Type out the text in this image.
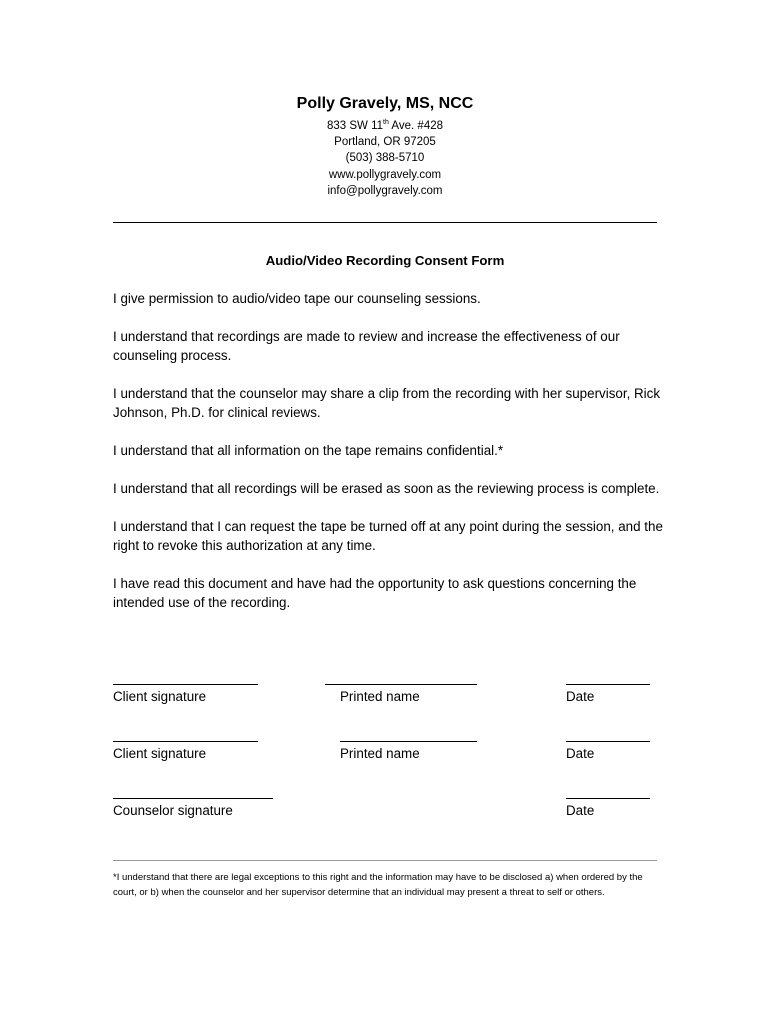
Polly Gravely, MS, NCC
833 SW 11th Ave. #428
Portland, OR 97205
(503) 388-5710
www.pollygravely.com
info@pollygravely.com
Audio/Video Recording Consent Form

I give permission to audio/video tape our counseling sessions.

I understand that recordings are made to review and increase the effectiveness of our counseling process.

I understand that the counselor may share a clip from the recording with her supervisor, Rick Johnson, Ph.D. for clinical reviews.

I understand that all information on the tape remains confidential.*

I understand that all recordings will be erased as soon as the reviewing process is complete.

I understand that I can request the tape be turned off at any point during the session, and the right to revoke this authorization at any time.

I have read this document and have had the opportunity to ask questions concerning the intended use of the recording.

Client signature	Printed name	Date
Client signature	Printed name	Date
Counselor signature	Date
*I understand that there are legal exceptions to this right and the information may have to be disclosed a) when ordered by the court, or b) when the counselor and her supervisor determine that an individual may present a threat to self or others.
